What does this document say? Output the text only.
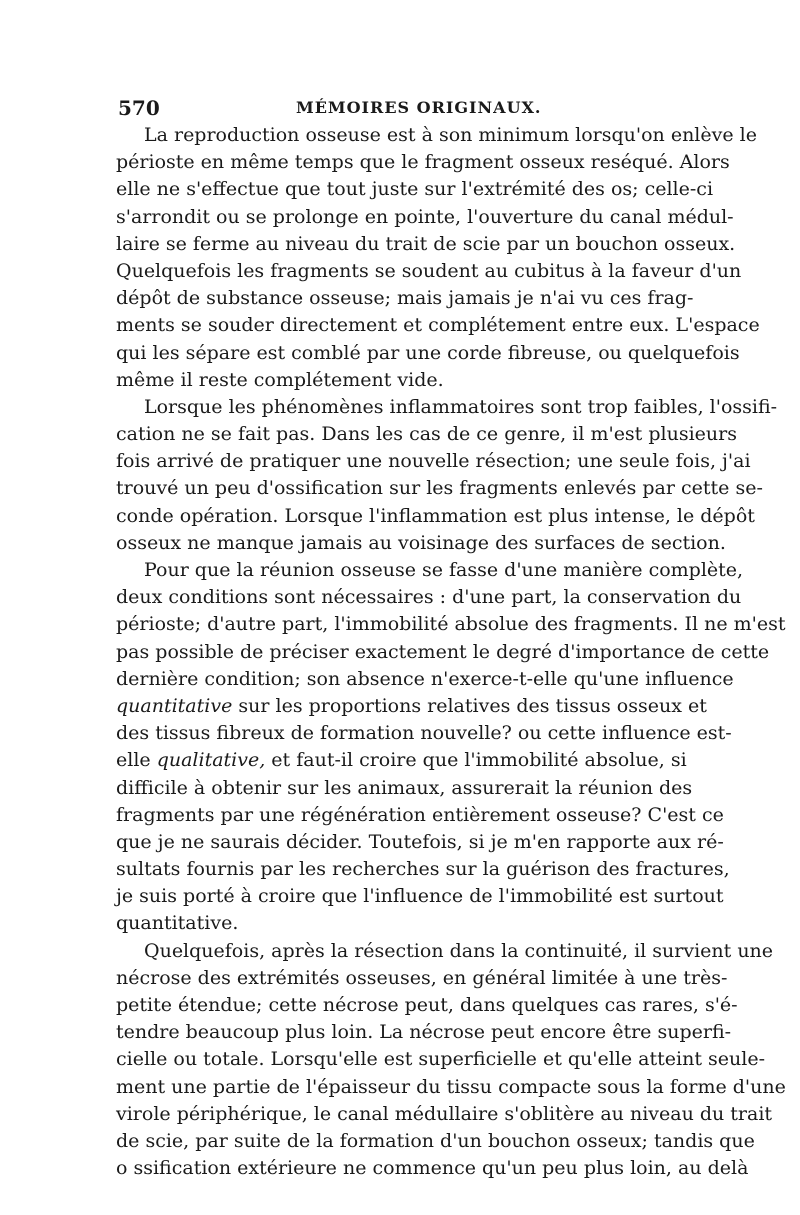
570	MÉMOIRES ORIGINAUX.
La reproduction osseuse est à son minimum lorsqu'on enlève le
périoste en même temps que le fragment osseux reséqué. Alors
elle ne s'effectue que tout juste sur l'extrémité des os; celle-ci
s'arrondit ou se prolonge en pointe, l'ouverture du canal médul-
laire se ferme au niveau du trait de scie par un bouchon osseux.
Quelquefois les fragments se soudent au cubitus à la faveur d'un
dépôt de substance osseuse; mais jamais je n'ai vu ces frag-
ments se souder directement et complétement entre eux. L'espace
qui les sépare est comblé par une corde fibreuse, ou quelquefois
même il reste complétement vide.
Lorsque les phénomènes inflammatoires sont trop faibles, l'ossifi-
cation ne se fait pas. Dans les cas de ce genre, il m'est plusieurs
fois arrivé de pratiquer une nouvelle résection; une seule fois, j'ai
trouvé un peu d'ossification sur les fragments enlevés par cette se-
conde opération. Lorsque l'inflammation est plus intense, le dépôt
osseux ne manque jamais au voisinage des surfaces de section.
Pour que la réunion osseuse se fasse d'une manière complète,
deux conditions sont nécessaires : d'une part, la conservation du
périoste; d'autre part, l'immobilité absolue des fragments. Il ne m'est
pas possible de préciser exactement le degré d'importance de cette
dernière condition; son absence n'exerce-t-elle qu'une influence
quantitative sur les proportions relatives des tissus osseux et
des tissus fibreux de formation nouvelle? ou cette influence est-
elle qualitative, et faut-il croire que l'immobilité absolue, si
difficile à obtenir sur les animaux, assurerait la réunion des
fragments par une régénération entièrement osseuse? C'est ce
que je ne saurais décider. Toutefois, si je m'en rapporte aux ré-
sultats fournis par les recherches sur la guérison des fractures,
je suis porté à croire que l'influence de l'immobilité est surtout
quantitative.
Quelquefois, après la résection dans la continuité, il survient une
nécrose des extrémités osseuses, en général limitée à une très-
petite étendue; cette nécrose peut, dans quelques cas rares, s'é-
tendre beaucoup plus loin. La nécrose peut encore être superfi-
cielle ou totale. Lorsqu'elle est superficielle et qu'elle atteint seule-
ment une partie de l'épaisseur du tissu compacte sous la forme d'une
virole périphérique, le canal médullaire s'oblitère au niveau du trait
de scie, par suite de la formation d'un bouchon osseux; tandis que
o ssification extérieure ne commence qu'un peu plus loin, au delà
